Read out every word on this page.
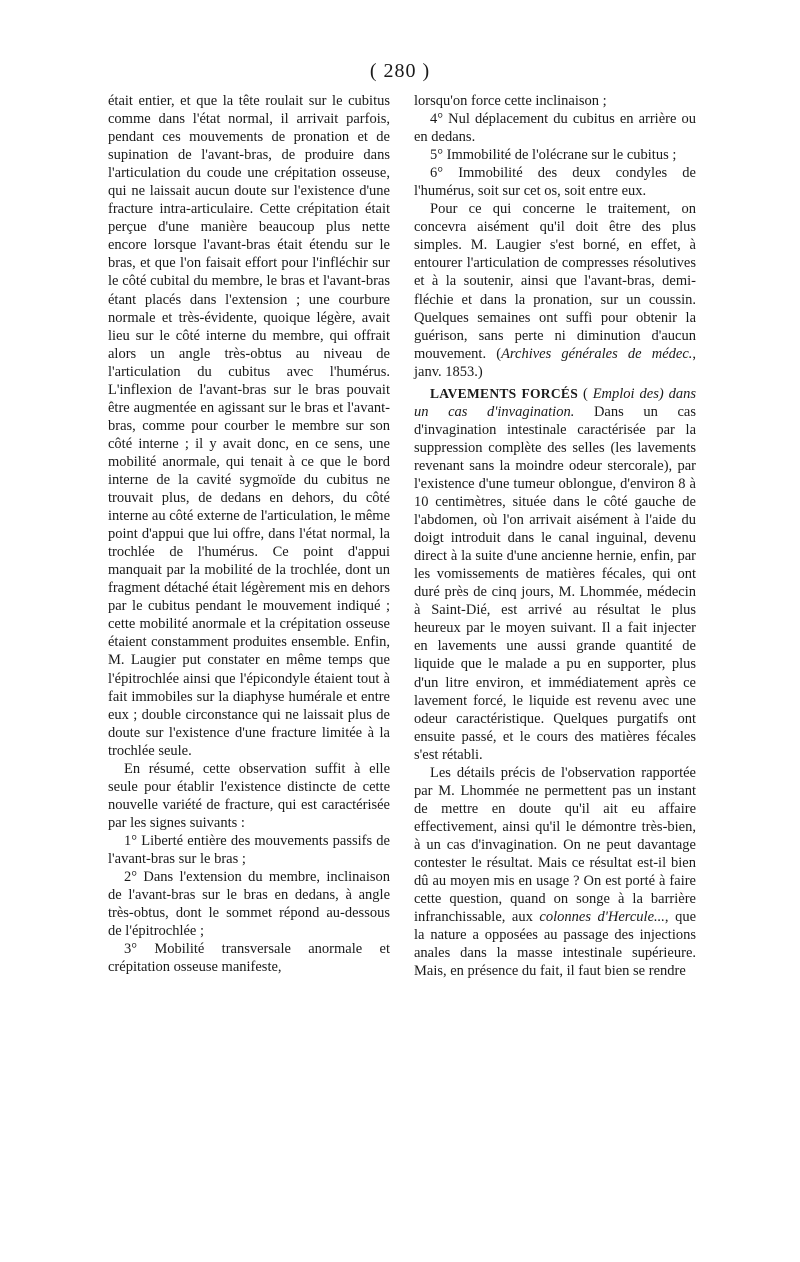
( 280 )

était entier, et que la tête roulait sur le cubitus comme dans l'état normal, il arrivait parfois, pendant ces mouvements de pronation et de supination de l'avant-bras, de produire dans l'articulation du coude une crépitation osseuse, qui ne laissait aucun doute sur l'existence d'une fracture intra-articulaire. Cette crépitation était perçue d'une manière beaucoup plus nette encore lorsque l'avant-bras était étendu sur le bras, et que l'on faisait effort pour l'infléchir sur le côté cubital du membre, le bras et l'avant-bras étant placés dans l'extension ; une courbure normale et très-évidente, quoique légère, avait lieu sur le côté interne du membre, qui offrait alors un angle très-obtus au niveau de l'articulation du cubitus avec l'humérus. L'inflexion de l'avant-bras sur le bras pouvait être augmentée en agissant sur le bras et l'avant-bras, comme pour courber le membre sur son côté interne ; il y avait donc, en ce sens, une mobilité anormale, qui tenait à ce que le bord interne de la cavité sygmoïde du cubitus ne trouvait plus, de dedans en dehors, du côté interne au côté externe de l'articulation, le même point d'appui que lui offre, dans l'état normal, la trochlée de l'humérus. Ce point d'appui manquait par la mobilité de la trochlée, dont un fragment détaché était légèrement mis en dehors par le cubitus pendant le mouvement indiqué ; cette mobilité anormale et la crépitation osseuse étaient constamment produites ensemble. Enfin, M. Laugier put constater en même temps que l'épitrochlée ainsi que l'épicondyle étaient tout à fait immobiles sur la diaphyse humérale et entre eux ; double circonstance qui ne laissait plus de doute sur l'existence d'une fracture limitée à la trochlée seule.

En résumé, cette observation suffit à elle seule pour établir l'existence distincte de cette nouvelle variété de fracture, qui est caractérisée par les signes suivants :

1° Liberté entière des mouvements passifs de l'avant-bras sur le bras ;

2° Dans l'extension du membre, inclinaison de l'avant-bras sur le bras en dedans, à angle très-obtus, dont le sommet répond au-dessous de l'épitrochlée ;

3° Mobilité transversale anormale et crépitation osseuse manifeste,

lorsqu'on force cette inclinaison ;

4° Nul déplacement du cubitus en arrière ou en dedans.

5° Immobilité de l'olécrane sur le cubitus ;

6° Immobilité des deux condyles de l'humérus, soit sur cet os, soit entre eux.

Pour ce qui concerne le traitement, on concevra aisément qu'il doit être des plus simples. M. Laugier s'est borné, en effet, à entourer l'articulation de compresses résolutives et à la soutenir, ainsi que l'avant-bras, demi-fléchie et dans la pronation, sur un coussin. Quelques semaines ont suffi pour obtenir la guérison, sans perte ni diminution d'aucun mouvement. (Archives générales de médec., janv. 1853.)

LAVEMENTS FORCÉS ( Emploi des) dans un cas d'invagination. Dans un cas d'invagination intestinale caractérisée par la suppression complète des selles (les lavements revenant sans la moindre odeur stercorale), par l'existence d'une tumeur oblongue, d'environ 8 à 10 centimètres, située dans le côté gauche de l'abdomen, où l'on arrivait aisément à l'aide du doigt introduit dans le canal inguinal, devenu direct à la suite d'une ancienne hernie, enfin, par les vomissements de matières fécales, qui ont duré près de cinq jours, M. Lhommée, médecin à Saint-Dié, est arrivé au résultat le plus heureux par le moyen suivant. Il a fait injecter en lavements une aussi grande quantité de liquide que le malade a pu en supporter, plus d'un litre environ, et immédiatement après ce lavement forcé, le liquide est revenu avec une odeur caractéristique. Quelques purgatifs ont ensuite passé, et le cours des matières fécales s'est rétabli.

Les détails précis de l'observation rapportée par M. Lhommée ne permettent pas un instant de mettre en doute qu'il ait eu affaire effectivement, ainsi qu'il le démontre très-bien, à un cas d'invagination. On ne peut davantage contester le résultat. Mais ce résultat est-il bien dû au moyen mis en usage ? On est porté à faire cette question, quand on songe à la barrière infranchissable, aux colonnes d'Hercule..., que la nature a opposées au passage des injections anales dans la masse intestinale supérieure. Mais, en présence du fait, il faut bien se rendre
